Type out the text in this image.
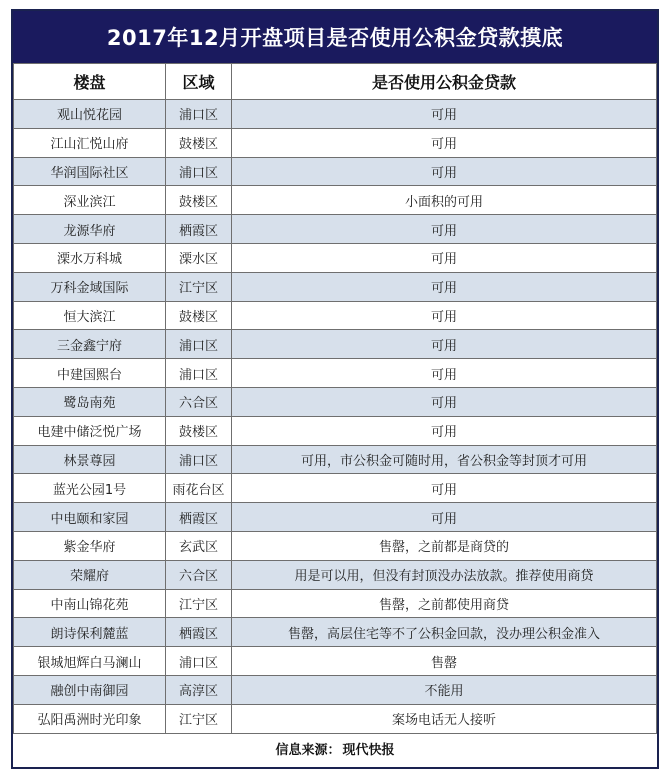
2017年12月开盘项目是否使用公积金贷款摸底
楼盘	区域	是否使用公积金贷款
观山悦花园	浦口区	可用
江山汇悦山府	鼓楼区	可用
华润国际社区	浦口区	可用
深业滨江	鼓楼区	小面积的可用
龙源华府	栖霞区	可用
溧水万科城	溧水区	可用
万科金域国际	江宁区	可用
恒大滨江	鼓楼区	可用
三金鑫宁府	浦口区	可用
中建国熙台	浦口区	可用
鹭岛南苑	六合区	可用
电建中储泛悦广场	鼓楼区	可用
林景尊园	浦口区	可用，市公积金可随时用，省公积金等封顶才可用
蓝光公园1号	雨花台区	可用
中电颐和家园	栖霞区	可用
紫金华府	玄武区	售罄，之前都是商贷的
荣耀府	六合区	用是可以用，但没有封顶没办法放款。推荐使用商贷
中南山锦花苑	江宁区	售罄，之前都使用商贷
朗诗保利麓蓝	栖霞区	售罄，高层住宅等不了公积金回款，没办理公积金准入
银城旭辉白马澜山	浦口区	售罄
融创中南御园	高淳区	不能用
弘阳禹洲时光印象	江宁区	案场电话无人接听
信息来源： 现代快报
